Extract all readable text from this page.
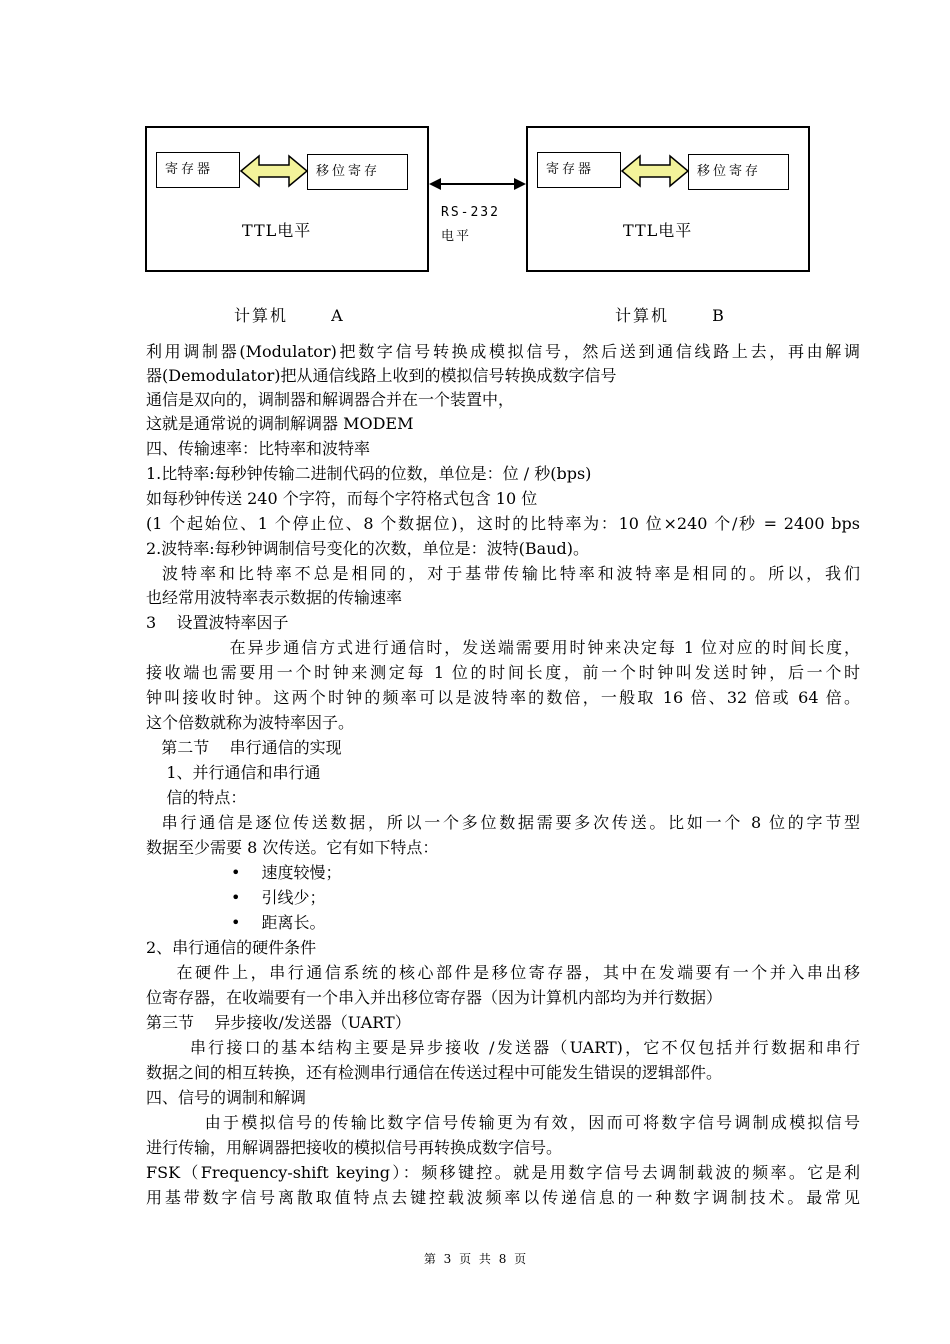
寄存器	移位寄存
TTL电平
寄存器	移位寄存
TTL电平
RS-232
电平
计算机	A	计算机	B
利用调制器(Modulator)把数字信号转换成模拟信号，然后送到通信线路上去，再由解调
器(Demodulator)把从通信线路上收到的模拟信号转换成数字信号
通信是双向的，调制器和解调器合并在一个装置中，
这就是通常说的调制解调器 MODEM
四、传输速率：比特率和波特率
1.比特率:每秒钟传输二进制代码的位数，单位是：位 / 秒(bps)
如每秒钟传送 240 个字符，而每个字符格式包含 10 位
(1 个起始位、1 个停止位、8 个数据位)，这时的比特率为：10 位×240 个/秒 = 2400 bps
2.波特率:每秒钟调制信号变化的次数，单位是：波特(Baud)。
波特率和比特率不总是相同的，对于基带传输比特率和波特率是相同的。所以，我们
也经常用波特率表示数据的传输速率
3    设置波特率因子
在异步通信方式进行通信时，发送端需要用时钟来决定每 1 位对应的时间长度，
接收端也需要用一个时钟来测定每 1 位的时间长度，前一个时钟叫发送时钟，后一个时
钟叫接收时钟。这两个时钟的频率可以是波特率的数倍，一般取 16 倍、32 倍或 64 倍。
这个倍数就称为波特率因子。
第二节    串行通信的实现
1、并行通信和串行通
信的特点：
串行通信是逐位传送数据，所以一个多位数据需要多次传送。比如一个 8 位的字节型
数据至少需要 8 次传送。它有如下特点：
• 速度较慢；
• 引线少；
• 距离长。
2、串行通信的硬件条件
在硬件上，串行通信系统的核心部件是移位寄存器，其中在发端要有一个并入串出移
位寄存器，在收端要有一个串入并出移位寄存器（因为计算机内部均为并行数据）
第三节    异步接收/发送器（UART）
串行接口的基本结构主要是异步接收 /发送器（UART)，它不仅包括并行数据和串行
数据之间的相互转换，还有检测串行通信在传送过程中可能发生错误的逻辑部件。
四、信号的调制和解调
由于模拟信号的传输比数字信号传输更为有效，因而可将数字信号调制成模拟信号
进行传输，用解调器把接收的模拟信号再转换成数字信号。
FSK（Frequency-shift keying）：频移键控。就是用数字信号去调制载波的频率。它是利
用基带数字信号离散取值特点去键控载波频率以传递信息的一种数字调制技术。最常见
第 3 页 共 8 页
